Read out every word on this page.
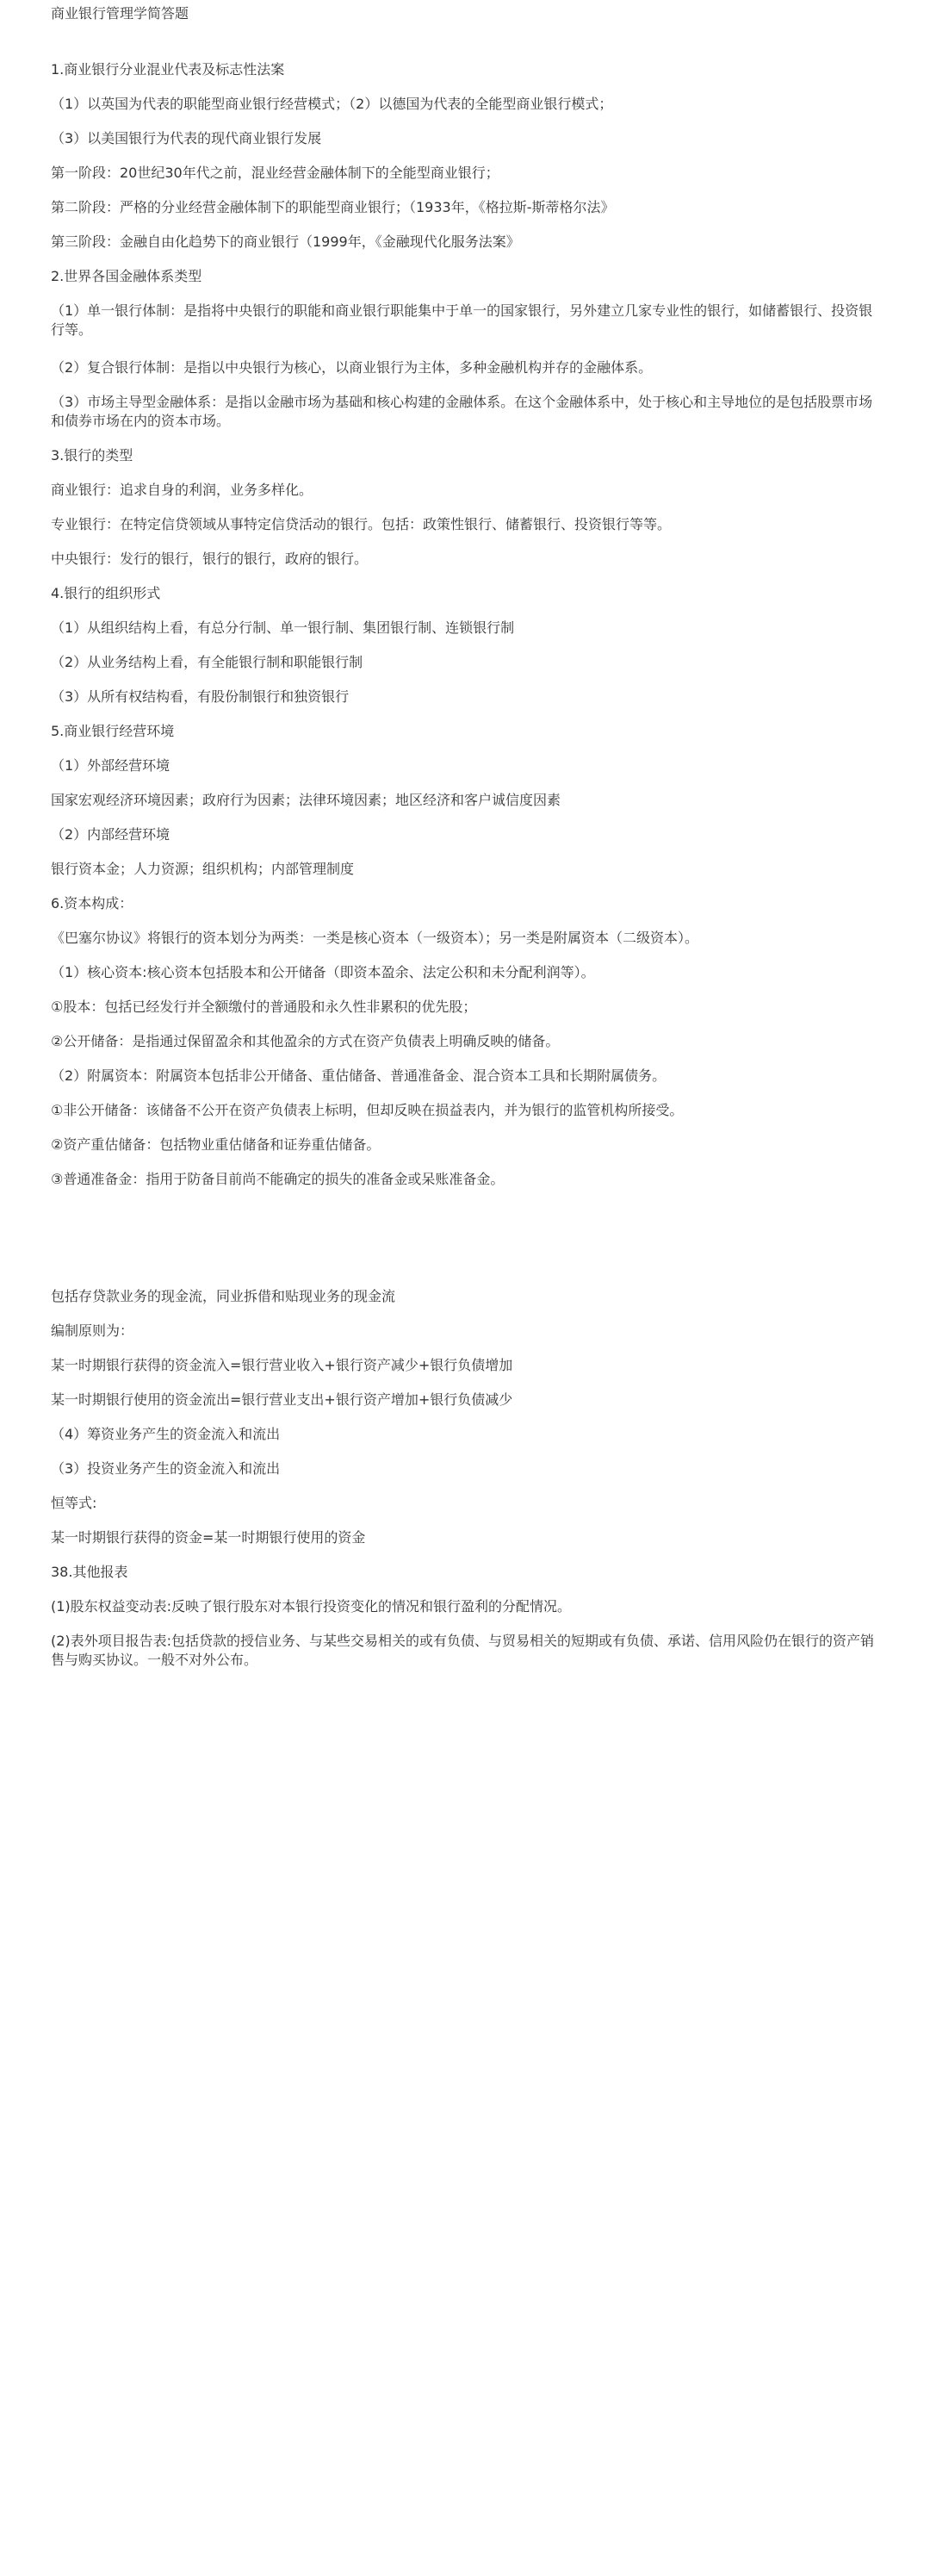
商业银行管理学简答题

1.商业银行分业混业代表及标志性法案

（1）以英国为代表的职能型商业银行经营模式；（2）以德国为代表的全能型商业银行模式；

（3）以美国银行为代表的现代商业银行发展

第一阶段：20世纪30年代之前，混业经营金融体制下的全能型商业银行；

第二阶段：严格的分业经营金融体制下的职能型商业银行；（1933年，《格拉斯-斯蒂格尔法》

第三阶段：金融自由化趋势下的商业银行（1999年，《金融现代化服务法案》

2.世界各国金融体系类型

（1）单一银行体制：是指将中央银行的职能和商业银行职能集中于单一的国家银行，另外建立几家专业性的银行，如储蓄银行、投资银行等。

（2）复合银行体制：是指以中央银行为核心，以商业银行为主体，多种金融机构并存的金融体系。

（3）市场主导型金融体系：是指以金融市场为基础和核心构建的金融体系。在这个金融体系中，处于核心和主导地位的是包括股票市场和债券市场在内的资本市场。

3.银行的类型

商业银行：追求自身的利润，业务多样化。

专业银行：在特定信贷领域从事特定信贷活动的银行。包括：政策性银行、储蓄银行、投资银行等等。

中央银行：发行的银行，银行的银行，政府的银行。

4.银行的组织形式

（1）从组织结构上看，有总分行制、单一银行制、集团银行制、连锁银行制

（2）从业务结构上看，有全能银行制和职能银行制

（3）从所有权结构看，有股份制银行和独资银行

5.商业银行经营环境

（1）外部经营环境

国家宏观经济环境因素；政府行为因素；法律环境因素；地区经济和客户诚信度因素

（2）内部经营环境

银行资本金；人力资源；组织机构；内部管理制度

6.资本构成：

《巴塞尔协议》将银行的资本划分为两类：一类是核心资本（一级资本）；另一类是附属资本（二级资本）。

（1）核心资本:核心资本包括股本和公开储备（即资本盈余、法定公积和未分配利润等）。

①股本：包括已经发行并全额缴付的普通股和永久性非累积的优先股；

②公开储备：是指通过保留盈余和其他盈余的方式在资产负债表上明确反映的储备。

（2）附属资本：附属资本包括非公开储备、重估储备、普通准备金、混合资本工具和长期附属债务。

①非公开储备：该储备不公开在资产负债表上标明，但却反映在损益表内，并为银行的监管机构所接受。

②资产重估储备：包括物业重估储备和证券重估储备。

③普通准备金：指用于防备目前尚不能确定的损失的准备金或呆账准备金。

包括存贷款业务的现金流，同业拆借和贴现业务的现金流

编制原则为：

某一时期银行获得的资金流入=银行营业收入+银行资产减少+银行负债增加

某一时期银行使用的资金流出=银行营业支出+银行资产增加+银行负债减少

（4）筹资业务产生的资金流入和流出

（3）投资业务产生的资金流入和流出

恒等式:

某一时期银行获得的资金=某一时期银行使用的资金

38.其他报表

(1)股东权益变动表:反映了银行股东对本银行投资变化的情况和银行盈利的分配情况。

(2)表外项目报告表:包括贷款的授信业务、与某些交易相关的或有负债、与贸易相关的短期或有负债、承诺、信用风险仍在银行的资产销售与购买协议。一般不对外公布。
